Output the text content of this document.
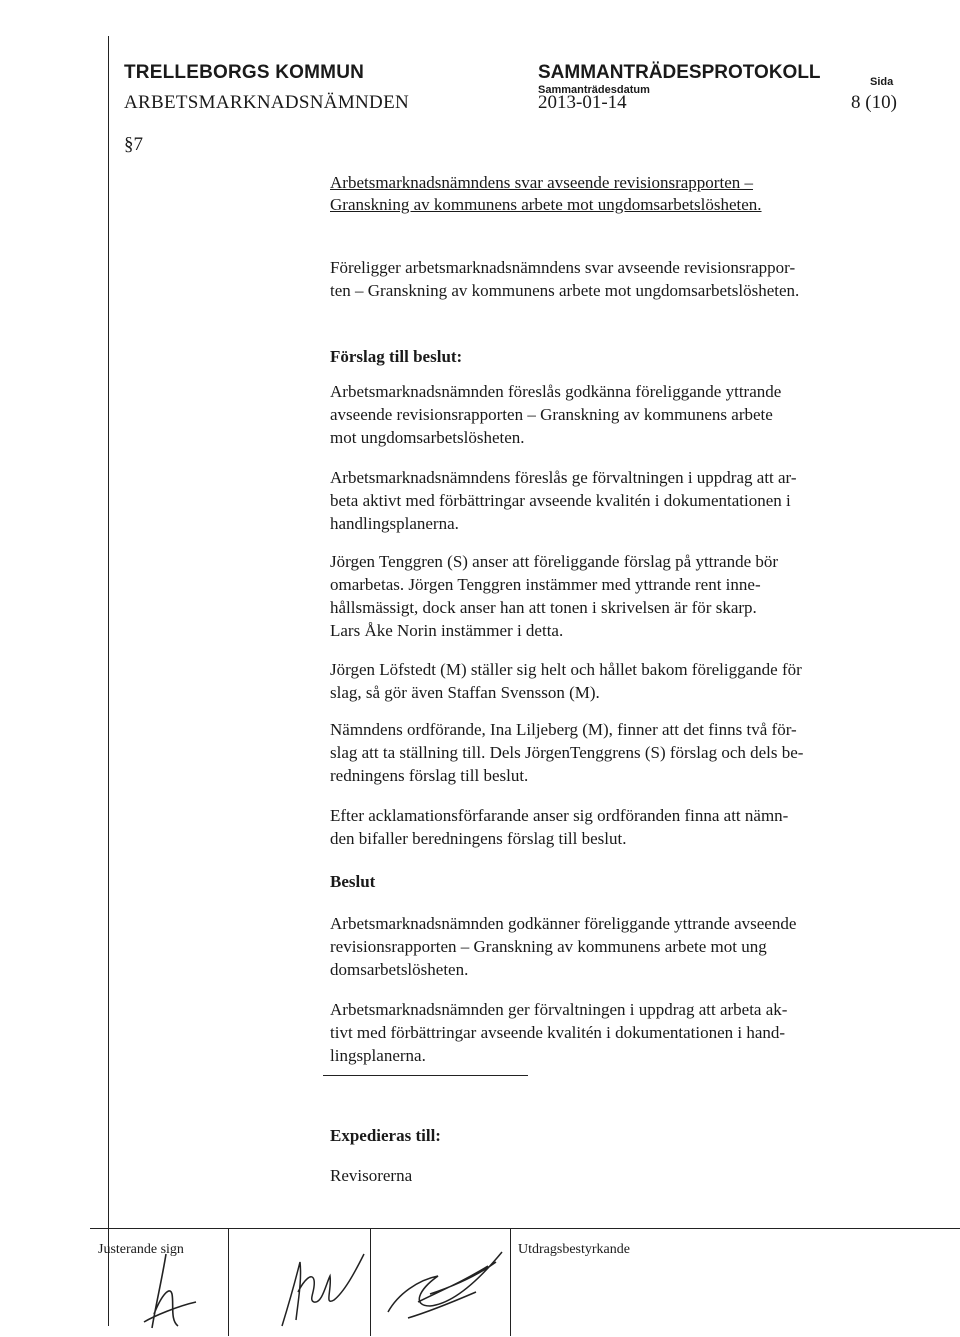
TRELLEBORGS KOMMUN
ARBETSMARKNADSNÄMNDEN
SAMMANTRÄDESPROTOKOLL
Sammanträdesdatum
2013-01-14
Sida
8 (10)
§7
Arbetsmarknadsnämndens svar avseende revisionsrapporten –
Granskning av kommunens arbete mot ungdomsarbetslösheten.
Föreligger arbetsmarknadsnämndens svar avseende revisionsrappor-
ten – Granskning av kommunens arbete mot ungdomsarbetslösheten.
Förslag till beslut:
Arbetsmarknadsnämnden föreslås godkänna föreliggande yttrande
avseende revisionsrapporten – Granskning av kommunens arbete
mot ungdomsarbetslösheten.
Arbetsmarknadsnämndens föreslås ge förvaltningen i uppdrag att ar-
beta aktivt med förbättringar avseende kvalitén i dokumentationen i
handlingsplanerna.
Jörgen Tenggren (S) anser att föreliggande förslag på yttrande bör
omarbetas. Jörgen Tenggren instämmer med yttrande rent inne-
hållsmässigt, dock anser han att tonen i skrivelsen är för skarp.
Lars Åke Norin instämmer i detta.
Jörgen Löfstedt (M) ställer sig helt och hållet bakom föreliggande för
slag, så gör även Staffan Svensson (M).
Nämndens ordförande, Ina Liljeberg (M), finner att det finns två för-
slag att ta ställning till. Dels JörgenTenggrens (S) förslag och dels be-
redningens förslag till beslut.
Efter acklamationsförfarande anser sig ordföranden finna att nämn-
den bifaller beredningens förslag till beslut.
Beslut
Arbetsmarknadsnämnden godkänner föreliggande yttrande avseende
revisionsrapporten – Granskning av kommunens arbete mot ung
domsarbetslösheten.
Arbetsmarknadsnämnden ger förvaltningen i uppdrag att arbeta ak-
tivt med förbättringar avseende kvalitén i dokumentationen i hand-
lingsplanerna.
Expedieras till:
Revisorerna
Justerande sign	Utdragsbestyrkande
